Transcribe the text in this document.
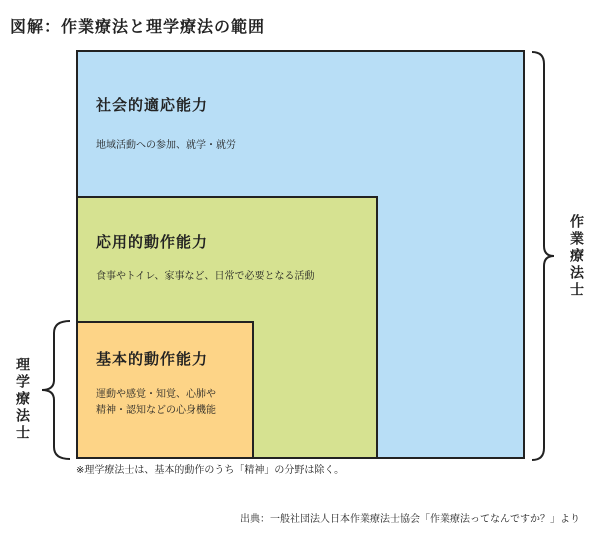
図解：作業療法と理学療法の範囲
社会的適応能力
地域活動への参加、就学・就労
応用的動作能力
食事やトイレ、家事など、日常で必要となる活動
基本的動作能力
運動や感覚・知覚、心肺や
精神・認知などの心身機能
作業療法士
理学療法士
※理学療法士は、基本的動作のうち「精神」の分野は除く。
出典：一般社団法人日本作業療法士協会「作業療法ってなんですか？」より
